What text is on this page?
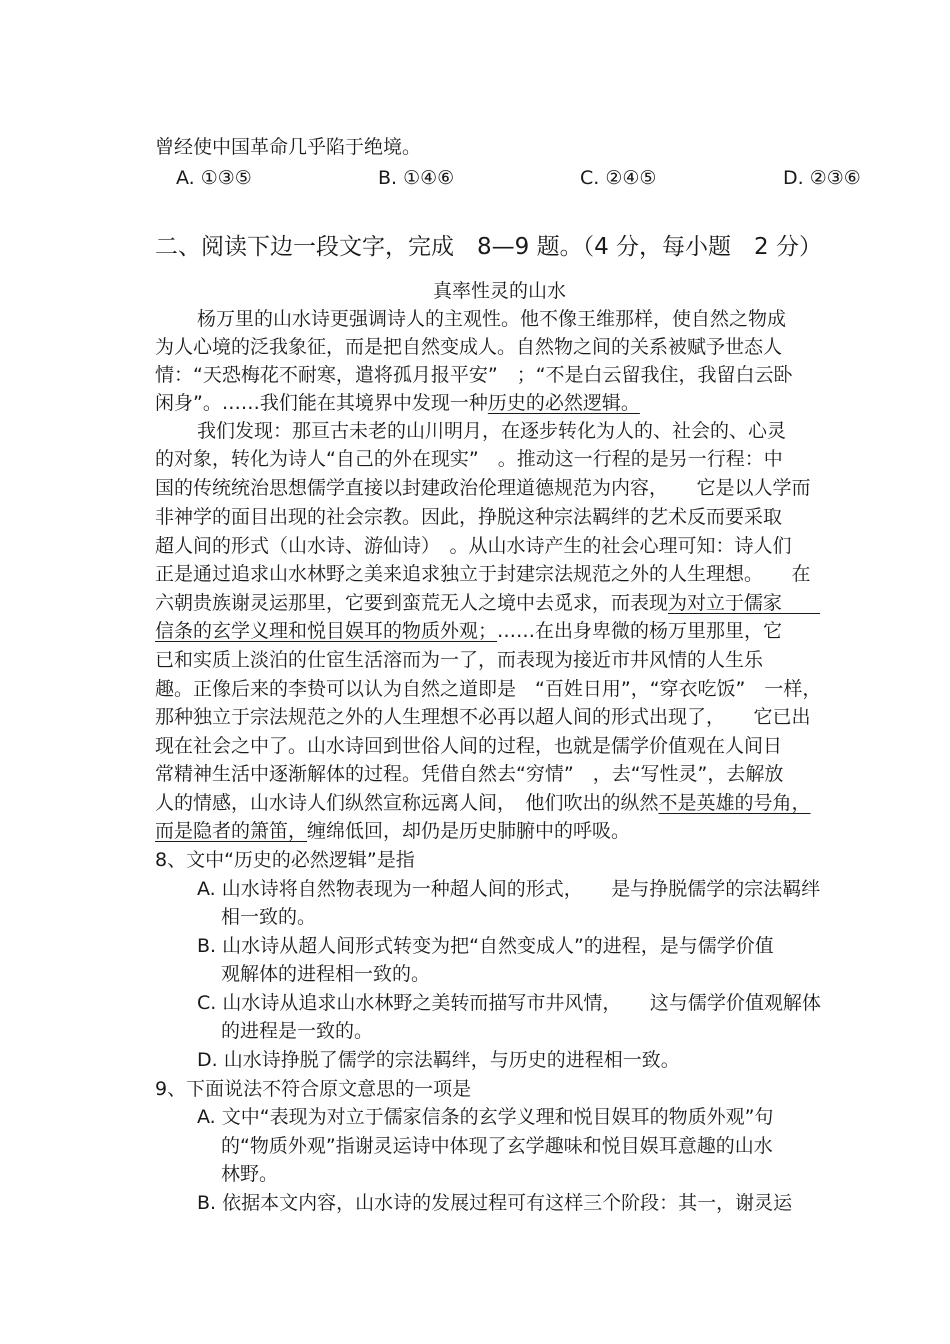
曾经使中国革命几乎陷于绝境。
A. ①③⑤	B. ①④⑥	C. ②④⑤	D. ②③⑥
二、阅读下边一段文字，完成　8—9 题。（4 分，每小题　2 分）
真率性灵的山水
杨万里的山水诗更强调诗人的主观性。他不像王维那样，使自然之物成
为人心境的泛我象征，而是把自然变成人。自然物之间的关系被赋予世态人
情：“天恐梅花不耐寒，遣将孤月报平安”　；“不是白云留我住，我留白云卧
闲身”。……我们能在其境界中发现一种历史的必然逻辑。
我们发现：那亘古未老的山川明月，在逐步转化为人的、社会的、心灵
的对象，转化为诗人“自己的外在现实”　。推动这一行程的是另一行程：中
国的传统统治思想儒学直接以封建政治伦理道德规范为内容，　　它是以人学而
非神学的面目出现的社会宗教。因此，挣脱这种宗法羁绊的艺术反而要采取
超人间的形式（山水诗、游仙诗）　。从山水诗产生的社会心理可知：诗人们
正是通过追求山水林野之美来追求独立于封建宗法规范之外的人生理想。　　在
六朝贵族谢灵运那里，它要到蛮荒无人之境中去觅求，而表现为对立于儒家　　
信条的玄学义理和悦目娱耳的物质外观；……在出身卑微的杨万里那里，它
已和实质上淡泊的仕宦生活溶而为一了，而表现为接近市井风情的人生乐
趣。正像后来的李贽可以认为自然之道即是　“百姓日用”，“穿衣吃饭”　一样，
那种独立于宗法规范之外的人生理想不必再以超人间的形式出现了，　　它已出
现在社会之中了。山水诗回到世俗人间的过程，也就是儒学价值观在人间日
常精神生活中逐渐解体的过程。凭借自然去“穷情”　，去“写性灵”，去解放
人的情感，山水诗人们纵然宣称远离人间，　他们吹出的纵然不是英雄的号角，
而是隐者的箫笛，缠绵低回，却仍是历史肺腑中的呼吸。
8、文中“历史的必然逻辑”是指
A. 山水诗将自然物表现为一种超人间的形式，　　是与挣脱儒学的宗法羁绊
相一致的。
B. 山水诗从超人间形式转变为把“自然变成人”的进程，是与儒学价值
观解体的进程相一致的。
C. 山水诗从追求山水林野之美转而描写市井风情，　　这与儒学价值观解体
的进程是一致的。
D. 山水诗挣脱了儒学的宗法羁绊，与历史的进程相一致。
9、下面说法不符合原文意思的一项是
A. 文中“表现为对立于儒家信条的玄学义理和悦目娱耳的物质外观”句
的“物质外观”指谢灵运诗中体现了玄学趣味和悦目娱耳意趣的山水
林野。
B. 依据本文内容，山水诗的发展过程可有这样三个阶段：其一，谢灵运
